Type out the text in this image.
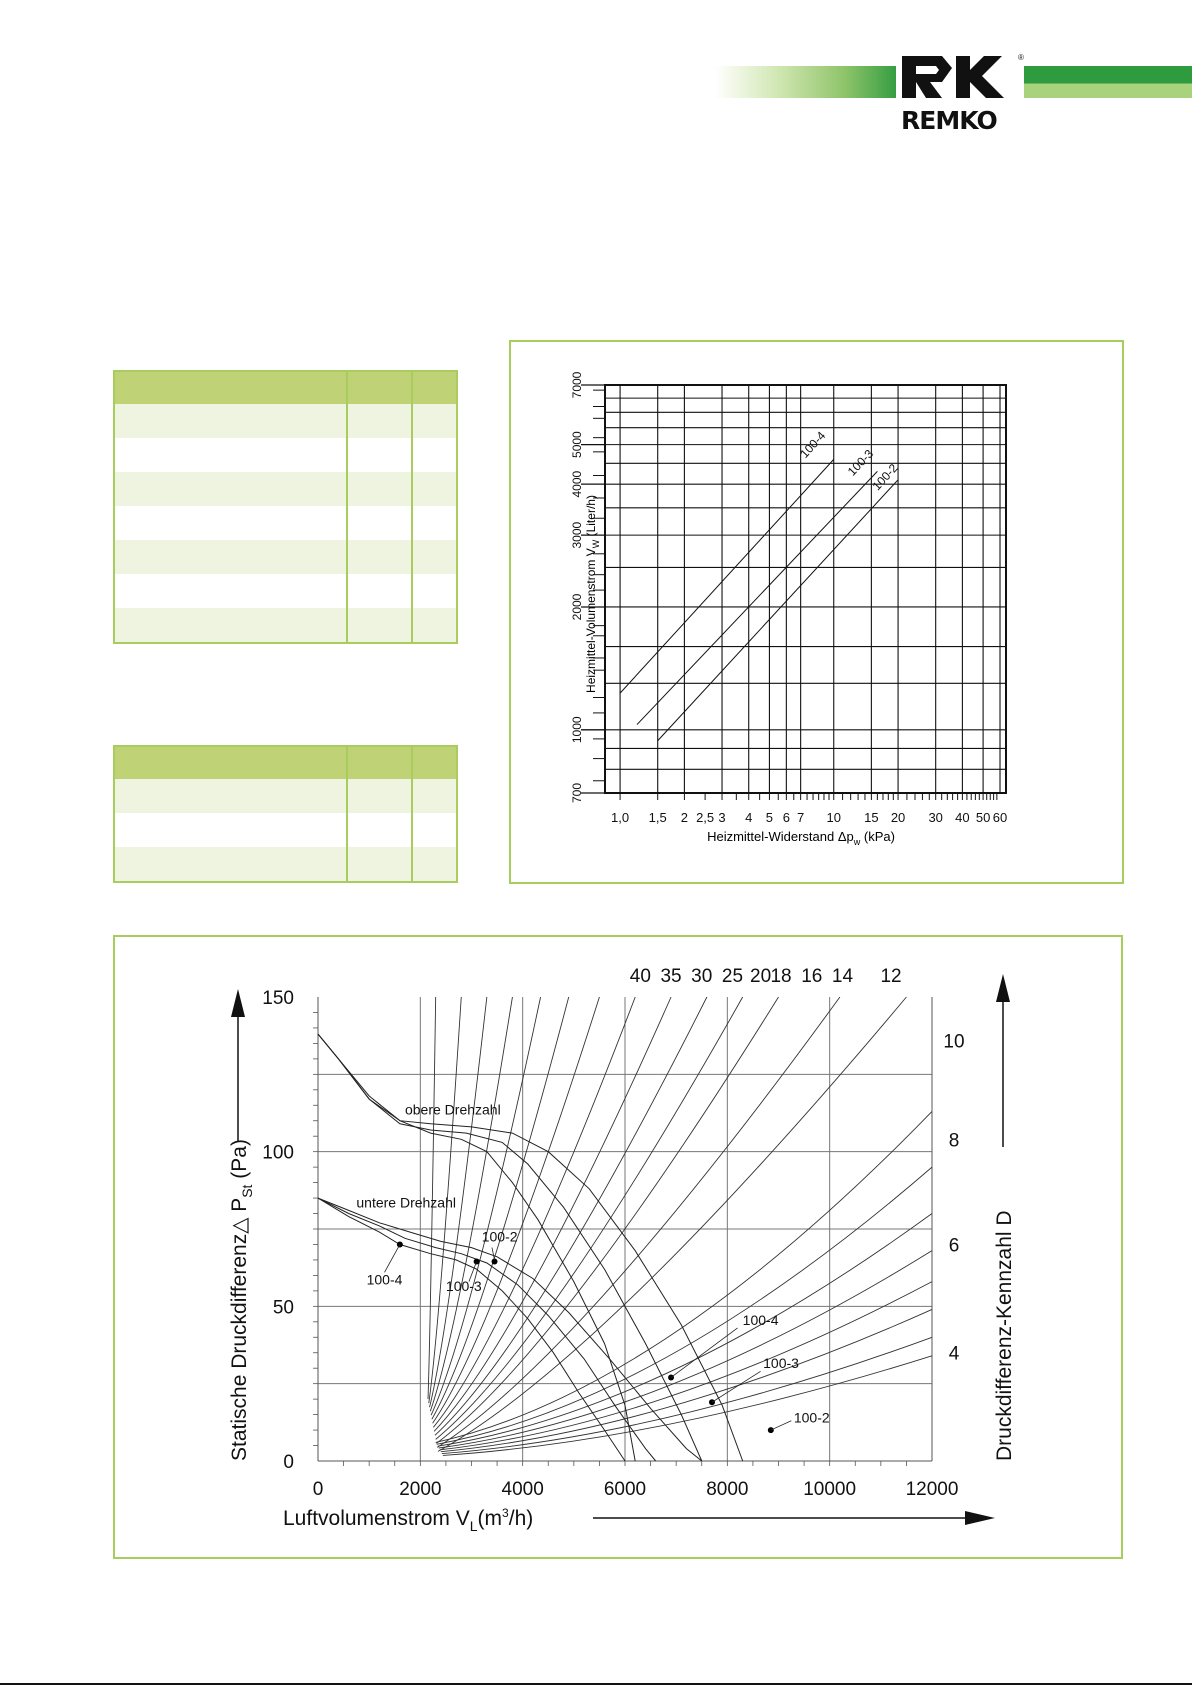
REMKO
®
100-4
100-3
100-2
700
1000
2000
3000
4000
5000
7000
1,0 1,5 2 2,5 3 4 5 6 7 10 15 20 30 40 50 60
Heizmittel-Widerstand $\Delta p_w$ (kPa)
Heizmittel-Volumenstrom $V_W$ (Liter/h)
0	2000	4000	6000	8000	10000	12000
0
50
100
150
obere Drehzahl
untere Drehzahl
100-2
100-3
100-4
100-4
100-3
100-2
40 35 30 25 20 18 16 14 12
10
8
6
4
Luftvolumenstrom $V_L(m^3/h)$
Statische Druckdifferenz△ $P_{St}$ (Pa)
Druckdifferenz-Kennzahl D
